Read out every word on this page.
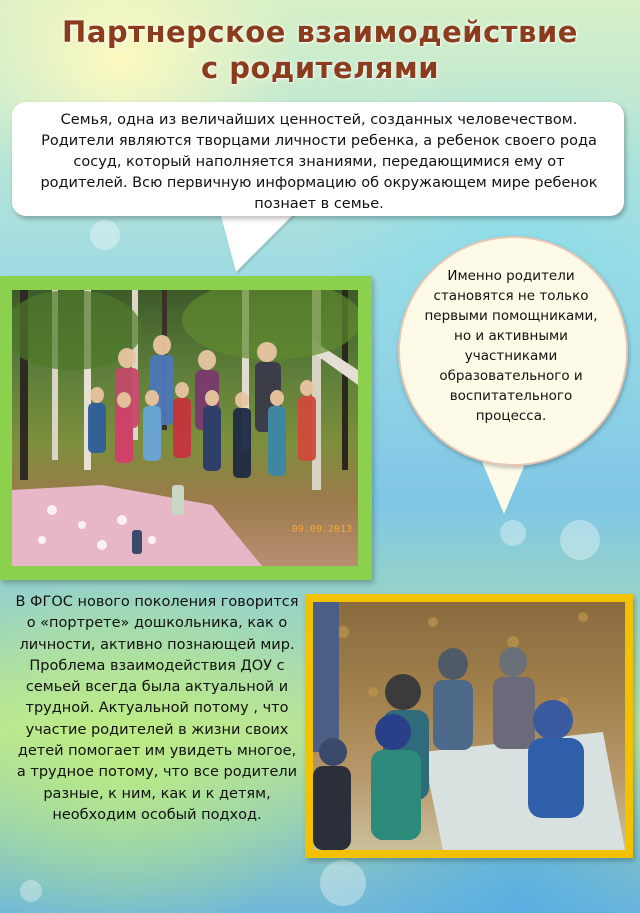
Партнерское взаимодействие
с родителями
Семья, одна из величайших ценностей, созданных человечеством. Родители являются творцами личности ребенка, а ребенок своего рода сосуд, который наполняется знаниями, передающимися ему от родителей. Всю первичную информацию об окружающем мире ребенок познает в семье.
09.09.2013
Именно родители становятся не только первыми помощниками, но и активными участниками образовательного и воспитательного процесса.
В ФГОС нового поколения говорится о «портрете» дошкольника, как о личности, активно познающей мир. Проблема взаимодействия ДОУ с семьей всегда была актуальной и трудной. Актуальной потому , что участие родителей в жизни своих детей помогает им увидеть многое, а трудное потому, что все родители разные, к ним, как и к детям, необходим особый подход.
